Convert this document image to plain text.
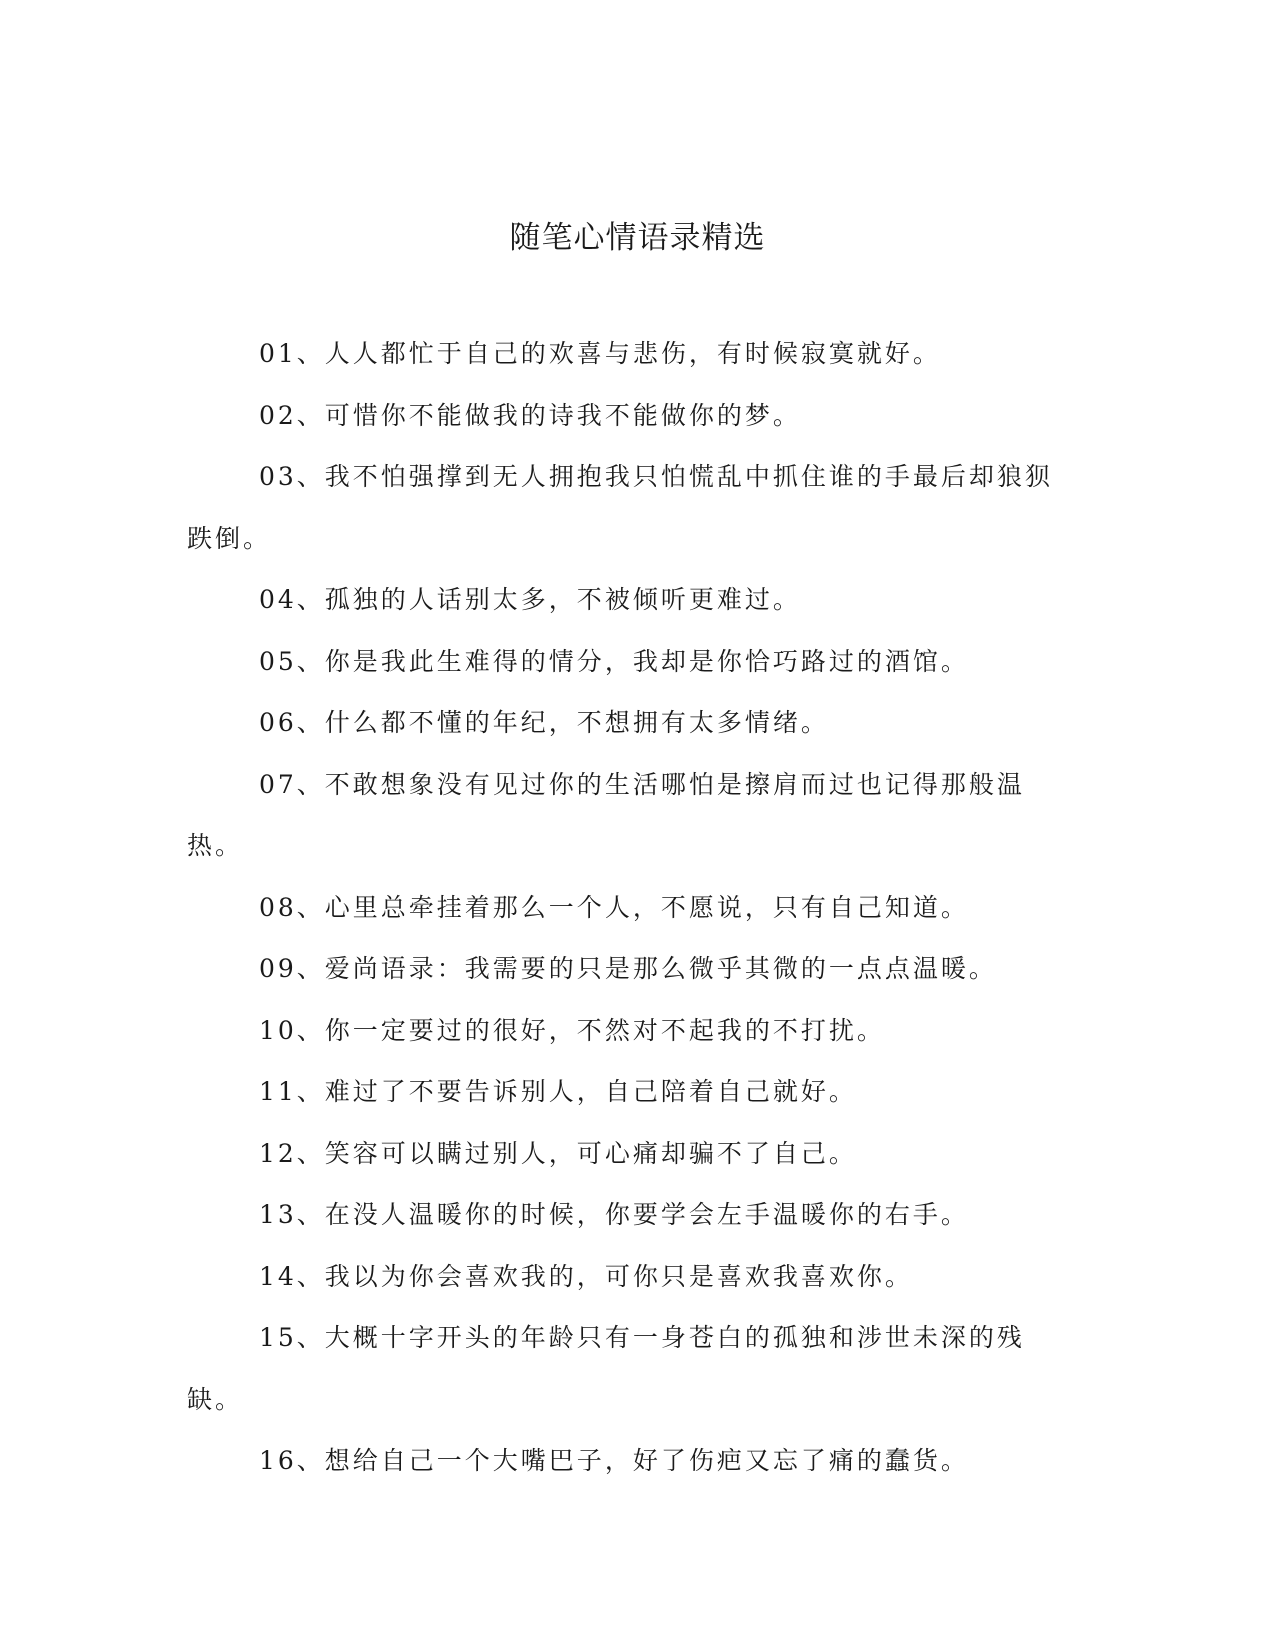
随笔心情语录精选

01、人人都忙于自己的欢喜与悲伤，有时候寂寞就好。

02、可惜你不能做我的诗我不能做你的梦。

03、我不怕强撑到无人拥抱我只怕慌乱中抓住谁的手最后却狼狈跌倒。

04、孤独的人话别太多，不被倾听更难过。

05、你是我此生难得的情分，我却是你恰巧路过的酒馆。

06、什么都不懂的年纪，不想拥有太多情绪。

07、不敢想象没有见过你的生活哪怕是擦肩而过也记得那般温热。

08、心里总牵挂着那么一个人，不愿说，只有自己知道。

09、爱尚语录：我需要的只是那么微乎其微的一点点温暖。

10、你一定要过的很好，不然对不起我的不打扰。

11、难过了不要告诉别人，自己陪着自己就好。

12、笑容可以瞒过别人，可心痛却骗不了自己。

13、在没人温暖你的时候，你要学会左手温暖你的右手。

14、我以为你会喜欢我的，可你只是喜欢我喜欢你。

15、大概十字开头的年龄只有一身苍白的孤独和涉世未深的残缺。

16、想给自己一个大嘴巴子，好了伤疤又忘了痛的蠢货。
